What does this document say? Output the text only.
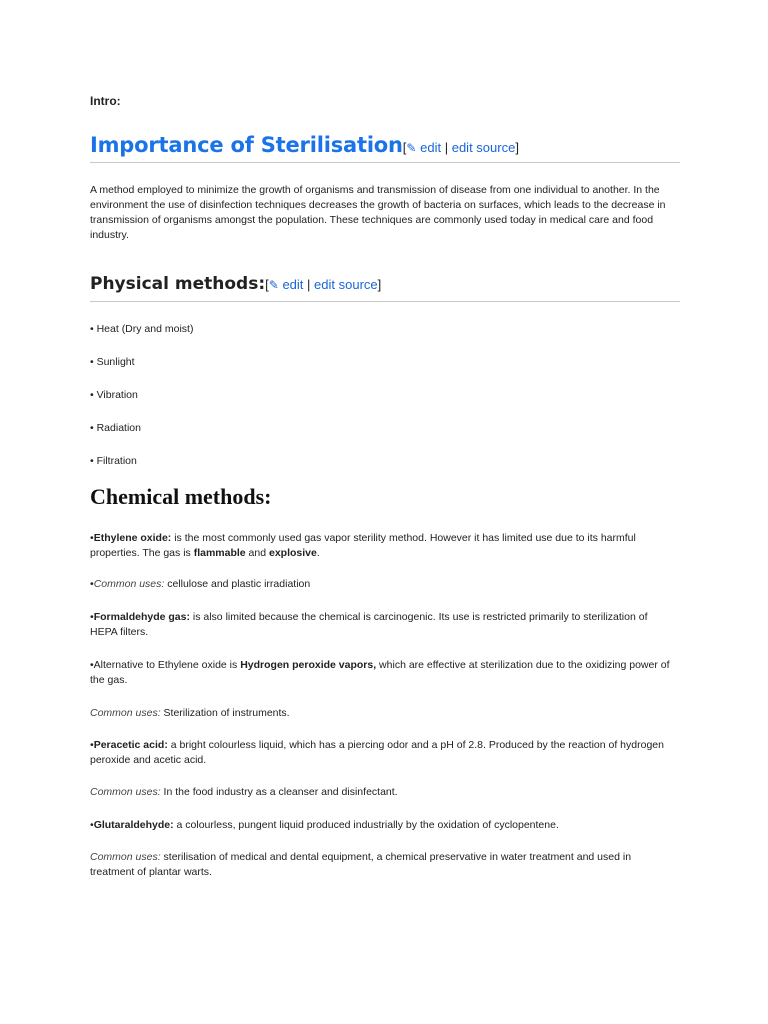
Intro:
Importance of Sterilisation[✎ edit | edit source]

A method employed to minimize the growth of organisms and transmission of disease from one individual to another. In the environment the use of disinfection techniques decreases the growth of bacteria on surfaces, which leads to the decrease in transmission of organisms amongst the population. These techniques are commonly used today in medical care and food industry.

Physical methods:[✎ edit | edit source]
• Heat (Dry and moist)
• Sunlight
• Vibration
• Radiation
• Filtration
Chemical methods:

•Ethylene oxide: is the most commonly used gas vapor sterility method. However it has limited use due to its harmful properties. The gas is flammable and explosive.

•Common uses: cellulose and plastic irradiation

•Formaldehyde gas: is also limited because the chemical is carcinogenic. Its use is restricted primarily to sterilization of HEPA filters.

•Alternative to Ethylene oxide is Hydrogen peroxide vapors, which are effective at sterilization due to the oxidizing power of the gas.

Common uses: Sterilization of instruments.

•Peracetic acid: a bright colourless liquid, which has a piercing odor and a pH of 2.8. Produced by the reaction of hydrogen peroxide and acetic acid.

Common uses: In the food industry as a cleanser and disinfectant.

•Glutaraldehyde: a colourless, pungent liquid produced industrially by the oxidation of cyclopentene.

Common uses: sterilisation of medical and dental equipment, a chemical preservative in water treatment and used in treatment of plantar warts.
